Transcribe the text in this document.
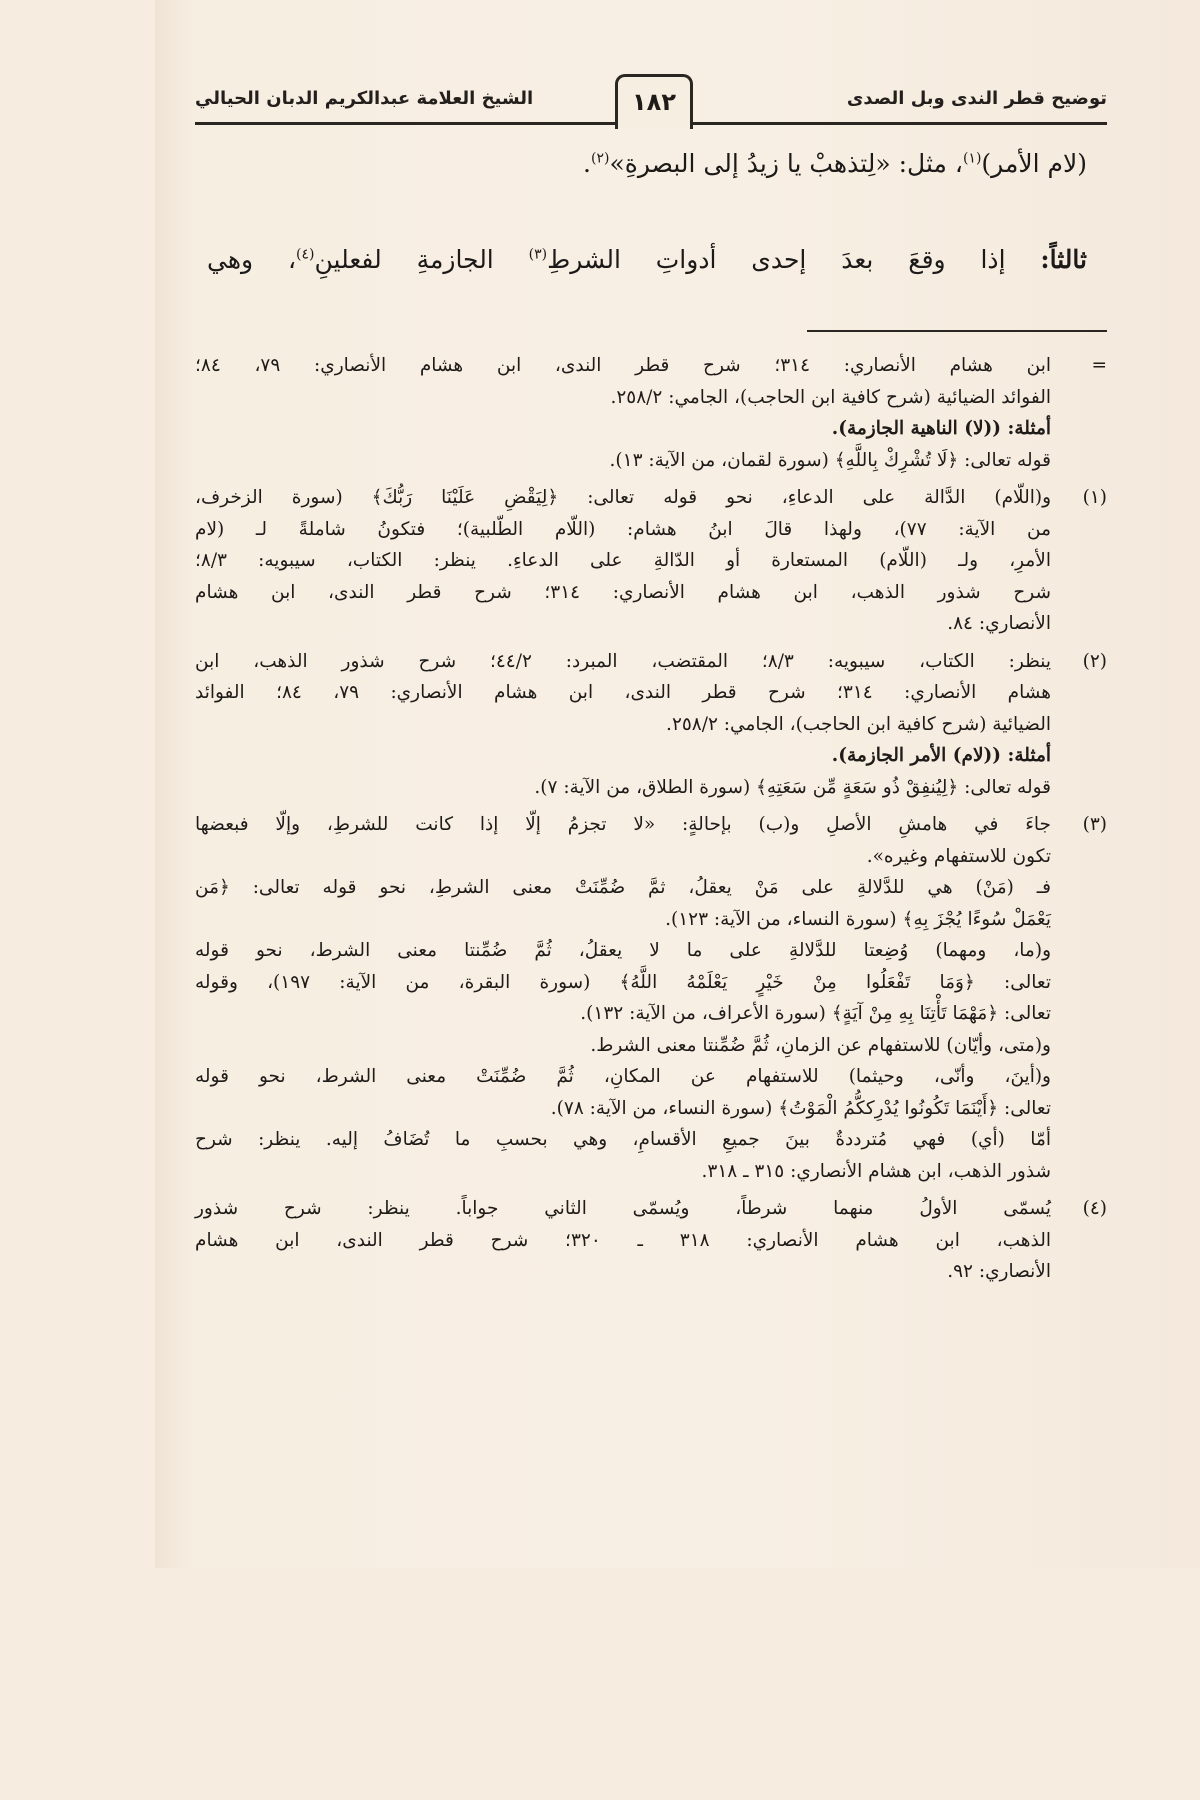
توضيح قطر الندى وبل الصدى
١٨٢
الشيخ العلامة عبدالكريم الدبان الحيالي
(لام الأمر)$^{(١)}$، مثل: «لِتذهبْ يا زيدُ إلى البصرةِ»$^{(٢)}$.
ثالثاً: إذا وقعَ بعدَ إحدى أدواتِ الشرطِ$^{(٣)}$ الجازمةِ لفعلينِ$^{(٤)}$، وهي
=
ابن هشام الأنصاري: ٣١٤؛ شرح قطر الندى، ابن هشام الأنصاري: ٧٩، ٨٤؛
الفوائد الضيائية (شرح كافية ابن الحاجب)، الجامي: ٢٥٨/٢.
أمثلة: ((لا) الناهية الجازمة).
قوله تعالى: ﴿لَا تُشْرِكْ بِاللَّهِ﴾ (سورة لقمان، من الآية: ١٣).
(١)
و(اللّام) الدَّالة على الدعاءِ، نحو قوله تعالى: ﴿لِيَقْضِ عَلَيْنَا رَبُّكَ﴾ (سورة الزخرف،
من الآية: ٧٧)، ولهذا قالَ ابنُ هشام: (اللّام الطّلبية)؛ فتكونُ شاملةً لـ (لام
الأمرِ، ولـ (اللّام) المستعارة أو الدّالةِ على الدعاءِ. ينظر: الكتاب، سيبويه: ٨/٣؛
شرح شذور الذهب، ابن هشام الأنصاري: ٣١٤؛ شرح قطر الندى، ابن هشام
الأنصاري: ٨٤.
(٢)
ينظر: الكتاب، سيبويه: ٨/٣؛ المقتضب، المبرد: ٤٤/٢؛ شرح شذور الذهب، ابن
هشام الأنصاري: ٣١٤؛ شرح قطر الندى، ابن هشام الأنصاري: ٧٩، ٨٤؛ الفوائد
الضيائية (شرح كافية ابن الحاجب)، الجامي: ٢٥٨/٢.
أمثلة: ((لام) الأمر الجازمة).
قوله تعالى: ﴿لِيُنفِقْ ذُو سَعَةٍ مِّن سَعَتِهِ﴾ (سورة الطلاق، من الآية: ٧).
(٣)
جاءَ في هامشِ الأصلِ و(ب) بإحالةٍ: «لا تجزمُ إلّا إذا كانت للشرطِ، وإلّا فبعضها
تكون للاستفهام وغيره».
فـ (مَنْ) هي للدَّلالةِ على مَنْ يعقلُ، ثمَّ ضُمِّنَتْ معنى الشرطِ، نحو قوله تعالى: ﴿مَن
يَعْمَلْ سُوءًا يُجْزَ بِهِ﴾ (سورة النساء، من الآية: ١٢٣).
و(ما، ومهما) وُضِعتا للدَّلالةِ على ما لا يعقلُ، ثُمَّ ضُمِّنتا معنى الشرط، نحو قوله
تعالى: ﴿وَمَا تَفْعَلُوا مِنْ خَيْرٍ يَعْلَمْهُ اللَّهُ﴾ (سورة البقرة، من الآية: ١٩٧)، وقوله
تعالى: ﴿مَهْمَا تَأْتِنَا بِهِ مِنْ آيَةٍ﴾ (سورة الأعراف، من الآية: ١٣٢).
و(متى، وأيّان) للاستفهام عن الزمانِ، ثُمَّ ضُمِّنتا معنى الشرط.
و(أينَ، وأنّى، وحيثما) للاستفهام عن المكانِ، ثُمَّ ضُمِّنَتْ معنى الشرط، نحو قوله
تعالى: ﴿أَيْنَمَا تَكُونُوا يُدْرِككُّمُ الْمَوْتُ﴾ (سورة النساء، من الآية: ٧٨).
أمّا (أي) فهي مُترددةٌ بينَ جميعِ الأقسامِ، وهي بحسبِ ما تُضَافُ إليه. ينظر: شرح
شذور الذهب، ابن هشام الأنصاري: ٣١٥ ـ ٣١٨.
(٤)
يُسمّى الأولُ منهما شرطاً، ويُسمّى الثاني جواباً. ينظر: شرح شذور
الذهب، ابن هشام الأنصاري: ٣١٨ ـ ٣٢٠؛ شرح قطر الندى، ابن هشام
الأنصاري: ٩٢.
